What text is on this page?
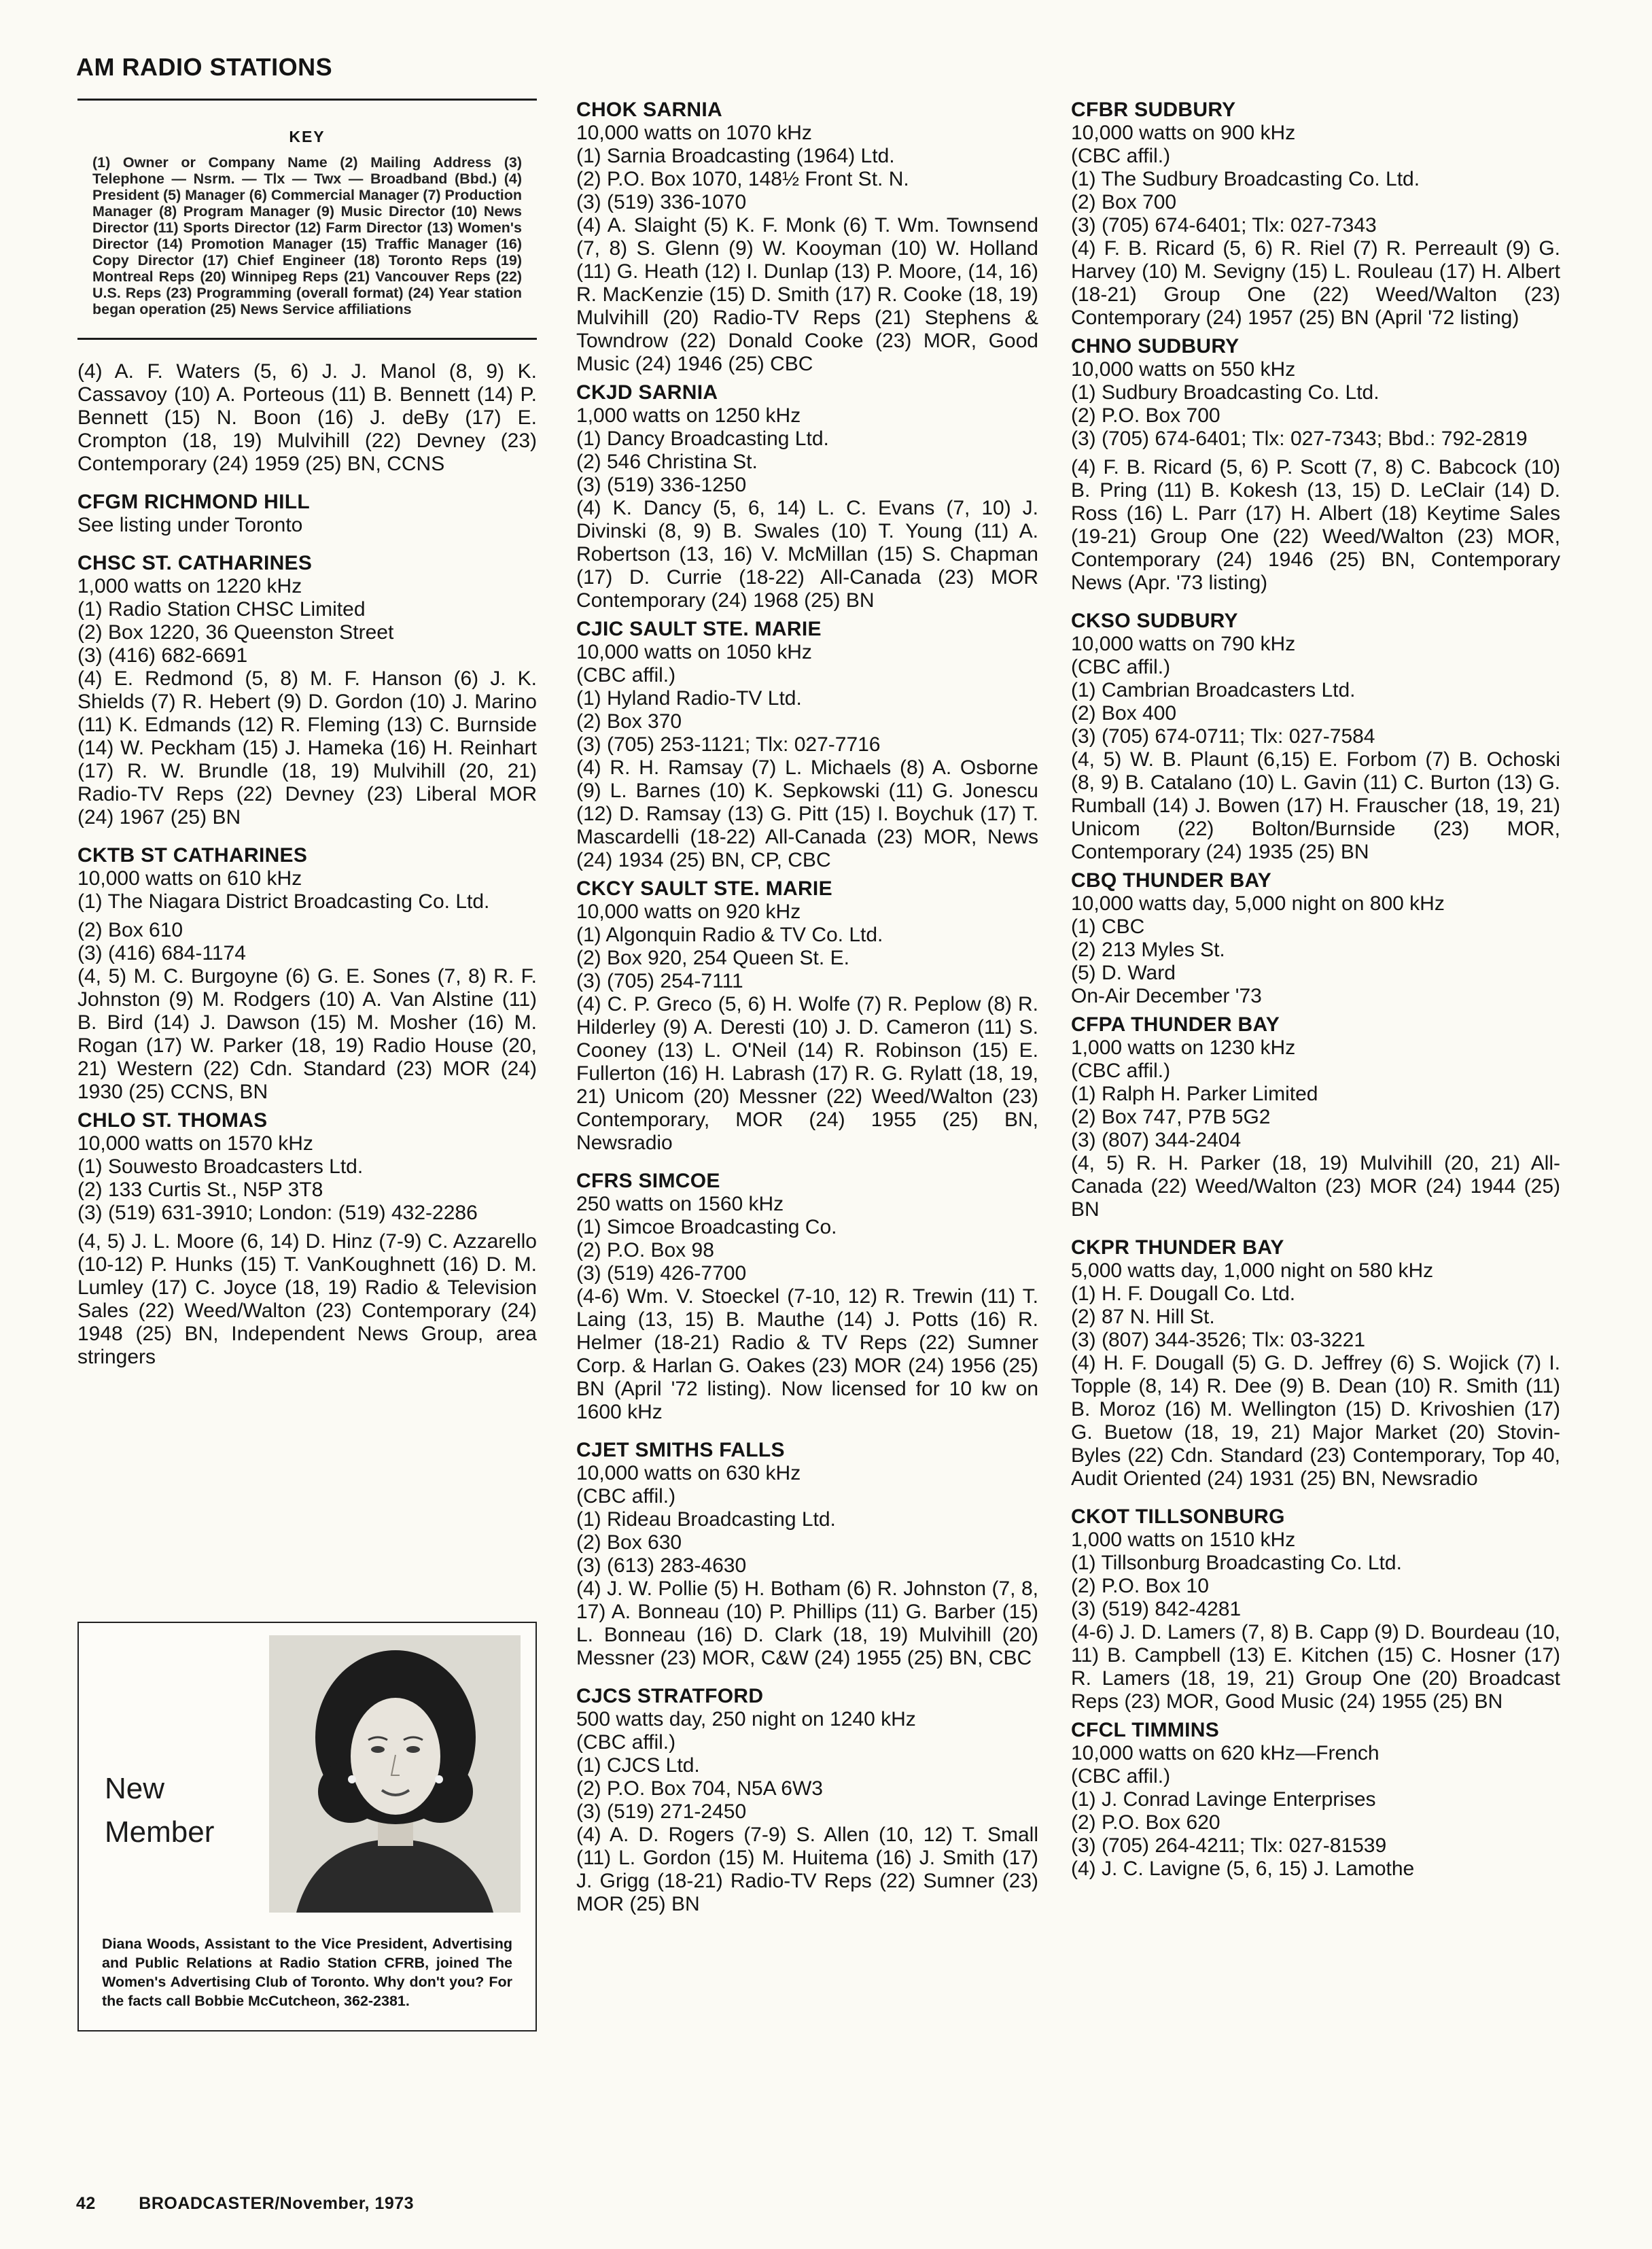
AM RADIO STATIONS
KEY
(1) Owner or Company Name (2) Mailing Address (3) Telephone — Nsrm. — Tlx — Twx — Broadband (Bbd.) (4) President (5) Manager (6) Commercial Manager (7) Production Manager (8) Program Manager (9) Music Director (10) News Director (11) Sports Director (12) Farm Director (13) Women's Director (14) Promotion Manager (15) Traffic Manager (16) Copy Director (17) Chief Engineer (18) Toronto Reps (19) Montreal Reps (20) Winnipeg Reps (21) Vancouver Reps (22) U.S. Reps (23) Programming (overall format) (24) Year station began operation (25) News Service affiliations
(4) A. F. Waters (5, 6) J. J. Manol (8, 9) K. Cassavoy (10) A. Porteous (11) B. Bennett (14) P. Bennett (15) N. Boon (16) J. deBy (17) E. Crompton (18, 19) Mulvihill (22) Devney (23) Contemporary (24) 1959 (25) BN, CCNS
CFGM RICHMOND HILL
See listing under Toronto
CHSC ST. CATHARINES
1,000 watts on 1220 kHz
(1) Radio Station CHSC Limited
(2) Box 1220, 36 Queenston Street
(3) (416) 682-6691
(4) E. Redmond (5, 8) M. F. Hanson (6) J. K. Shields (7) R. Hebert (9) D. Gordon (10) J. Marino (11) K. Edmands (12) R. Fleming (13) C. Burnside (14) W. Peckham (15) J. Hameka (16) H. Reinhart (17) R. W. Brundle (18, 19) Mulvihill (20, 21) Radio-TV Reps (22) Devney (23) Liberal MOR (24) 1967 (25) BN
CKTB ST CATHARINES
10,000 watts on 610 kHz
(1) The Niagara District Broadcasting Co. Ltd.
(2) Box 610
(3) (416) 684-1174
(4, 5) M. C. Burgoyne (6) G. E. Sones (7, 8) R. F. Johnston (9) M. Rodgers (10) A. Van Alstine (11) B. Bird (14) J. Dawson (15) M. Mosher (16) M. Rogan (17) W. Parker (18, 19) Radio House (20, 21) Western (22) Cdn. Standard (23) MOR (24) 1930 (25) CCNS, BN
CHLO ST. THOMAS
10,000 watts on 1570 kHz
(1) Souwesto Broadcasters Ltd.
(2) 133 Curtis St., N5P 3T8
(3) (519) 631-3910; London: (519) 432-2286
(4, 5) J. L. Moore (6, 14) D. Hinz (7-9) C. Azzarello (10-12) P. Hunks (15) T. VanKoughnett (16) D. M. Lumley (17) C. Joyce (18, 19) Radio & Television Sales (22) Weed/Walton (23) Contemporary (24) 1948 (25) BN, Independent News Group, area stringers
New
Member
Diana Woods, Assistant to the Vice President, Advertising and Public Relations at Radio Station CFRB, joined The Women's Advertising Club of Toronto. Why don't you? For the facts call Bobbie McCutcheon, 362-2381.
CHOK SARNIA
10,000 watts on 1070 kHz
(1) Sarnia Broadcasting (1964) Ltd.
(2) P.O. Box 1070, 148½ Front St. N.
(3) (519) 336-1070
(4) A. Slaight (5) K. F. Monk (6) T. Wm. Townsend (7, 8) S. Glenn (9) W. Kooyman (10) W. Holland (11) G. Heath (12) I. Dunlap (13) P. Moore, (14, 16) R. MacKenzie (15) D. Smith (17) R. Cooke (18, 19) Mulvihill (20) Radio-TV Reps (21) Stephens & Towndrow (22) Donald Cooke (23) MOR, Good Music (24) 1946 (25) CBC
CKJD SARNIA
1,000 watts on 1250 kHz
(1) Dancy Broadcasting Ltd.
(2) 546 Christina St.
(3) (519) 336-1250
(4) K. Dancy (5, 6, 14) L. C. Evans (7, 10) J. Divinski (8, 9) B. Swales (10) T. Young (11) A. Robertson (13, 16) V. McMillan (15) S. Chapman (17) D. Currie (18-22) All-Canada (23) MOR Contemporary (24) 1968 (25) BN
CJIC SAULT STE. MARIE
10,000 watts on 1050 kHz
(CBC affil.)
(1) Hyland Radio-TV Ltd.
(2) Box 370
(3) (705) 253-1121; Tlx: 027-7716
(4) R. H. Ramsay (7) L. Michaels (8) A. Osborne (9) L. Barnes (10) K. Sepkowski (11) G. Jonescu (12) D. Ramsay (13) G. Pitt (15) I. Boychuk (17) T. Mascardelli (18-22) All-Canada (23) MOR, News (24) 1934 (25) BN, CP, CBC
CKCY SAULT STE. MARIE
10,000 watts on 920 kHz
(1) Algonquin Radio & TV Co. Ltd.
(2) Box 920, 254 Queen St. E.
(3) (705) 254-7111
(4) C. P. Greco (5, 6) H. Wolfe (7) R. Peplow (8) R. Hilderley (9) A. Deresti (10) J. D. Cameron (11) S. Cooney (13) L. O'Neil (14) R. Robinson (15) E. Fullerton (16) H. Labrash (17) R. G. Rylatt (18, 19, 21) Unicom (20) Messner (22) Weed/Walton (23) Contemporary, MOR (24) 1955 (25) BN, Newsradio
CFRS SIMCOE
250 watts on 1560 kHz
(1) Simcoe Broadcasting Co.
(2) P.O. Box 98
(3) (519) 426-7700
(4-6) Wm. V. Stoeckel (7-10, 12) R. Trewin (11) T. Laing (13, 15) B. Mauthe (14) J. Potts (16) R. Helmer (18-21) Radio & TV Reps (22) Sumner Corp. & Harlan G. Oakes (23) MOR (24) 1956 (25) BN (April '72 listing). Now licensed for 10 kw on 1600 kHz
CJET SMITHS FALLS
10,000 watts on 630 kHz
(CBC affil.)
(1) Rideau Broadcasting Ltd.
(2) Box 630
(3) (613) 283-4630
(4) J. W. Pollie (5) H. Botham (6) R. Johnston (7, 8, 17) A. Bonneau (10) P. Phillips (11) G. Barber (15) L. Bonneau (16) D. Clark (18, 19) Mulvihill (20) Messner (23) MOR, C&W (24) 1955 (25) BN, CBC
CJCS STRATFORD
500 watts day, 250 night on 1240 kHz
(CBC affil.)
(1) CJCS Ltd.
(2) P.O. Box 704, N5A 6W3
(3) (519) 271-2450
(4) A. D. Rogers (7-9) S. Allen (10, 12) T. Small (11) L. Gordon (15) M. Huitema (16) J. Smith (17) J. Grigg (18-21) Radio-TV Reps (22) Sumner (23) MOR (25) BN
CFBR SUDBURY
10,000 watts on 900 kHz
(CBC affil.)
(1) The Sudbury Broadcasting Co. Ltd.
(2) Box 700
(3) (705) 674-6401; Tlx: 027-7343
(4) F. B. Ricard (5, 6) R. Riel (7) R. Perreault (9) G. Harvey (10) M. Sevigny (15) L. Rouleau (17) H. Albert (18-21) Group One (22) Weed/Walton (23) Contemporary (24) 1957 (25) BN (April '72 listing)
CHNO SUDBURY
10,000 watts on 550 kHz
(1) Sudbury Broadcasting Co. Ltd.
(2) P.O. Box 700
(3) (705) 674-6401; Tlx: 027-7343; Bbd.: 792-2819
(4) F. B. Ricard (5, 6) P. Scott (7, 8) C. Babcock (10) B. Pring (11) B. Kokesh (13, 15) D. LeClair (14) D. Ross (16) L. Parr (17) H. Albert (18) Keytime Sales (19-21) Group One (22) Weed/Walton (23) MOR, Contemporary (24) 1946 (25) BN, Contemporary News (Apr. '73 listing)
CKSO SUDBURY
10,000 watts on 790 kHz
(CBC affil.)
(1) Cambrian Broadcasters Ltd.
(2) Box 400
(3) (705) 674-0711; Tlx: 027-7584
(4, 5) W. B. Plaunt (6,15) E. Forbom (7) B. Ochoski (8, 9) B. Catalano (10) L. Gavin (11) C. Burton (13) G. Rumball (14) J. Bowen (17) H. Frauscher (18, 19, 21) Unicom (22) Bolton/Burnside (23) MOR, Contemporary (24) 1935 (25) BN
CBQ THUNDER BAY
10,000 watts day, 5,000 night on 800 kHz
(1) CBC
(2) 213 Myles St.
(5) D. Ward
On-Air December '73
CFPA THUNDER BAY
1,000 watts on 1230 kHz
(CBC affil.)
(1) Ralph H. Parker Limited
(2) Box 747, P7B 5G2
(3) (807) 344-2404
(4, 5) R. H. Parker (18, 19) Mulvihill (20, 21) All-Canada (22) Weed/Walton (23) MOR (24) 1944 (25) BN
CKPR THUNDER BAY
5,000 watts day, 1,000 night on 580 kHz
(1) H. F. Dougall Co. Ltd.
(2) 87 N. Hill St.
(3) (807) 344-3526; Tlx: 03-3221
(4) H. F. Dougall (5) G. D. Jeffrey (6) S. Wojick (7) I. Topple (8, 14) R. Dee (9) B. Dean (10) R. Smith (11) B. Moroz (16) M. Wellington (15) D. Krivoshien (17) G. Buetow (18, 19, 21) Major Market (20) Stovin-Byles (22) Cdn. Standard (23) Contemporary, Top 40, Audit Oriented (24) 1931 (25) BN, Newsradio
CKOT TILLSONBURG
1,000 watts on 1510 kHz
(1) Tillsonburg Broadcasting Co. Ltd.
(2) P.O. Box 10
(3) (519) 842-4281
(4-6) J. D. Lamers (7, 8) B. Capp (9) D. Bourdeau (10, 11) B. Campbell (13) E. Kitchen (15) C. Hosner (17) R. Lamers (18, 19, 21) Group One (20) Broadcast Reps (23) MOR, Good Music (24) 1955 (25) BN
CFCL TIMMINS
10,000 watts on 620 kHz—French
(CBC affil.)
(1) J. Conrad Lavinge Enterprises
(2) P.O. Box 620
(3) (705) 264-4211; Tlx: 027-81539
(4) J. C. Lavigne (5, 6, 15) J. Lamothe
42	BROADCASTER/November, 1973
